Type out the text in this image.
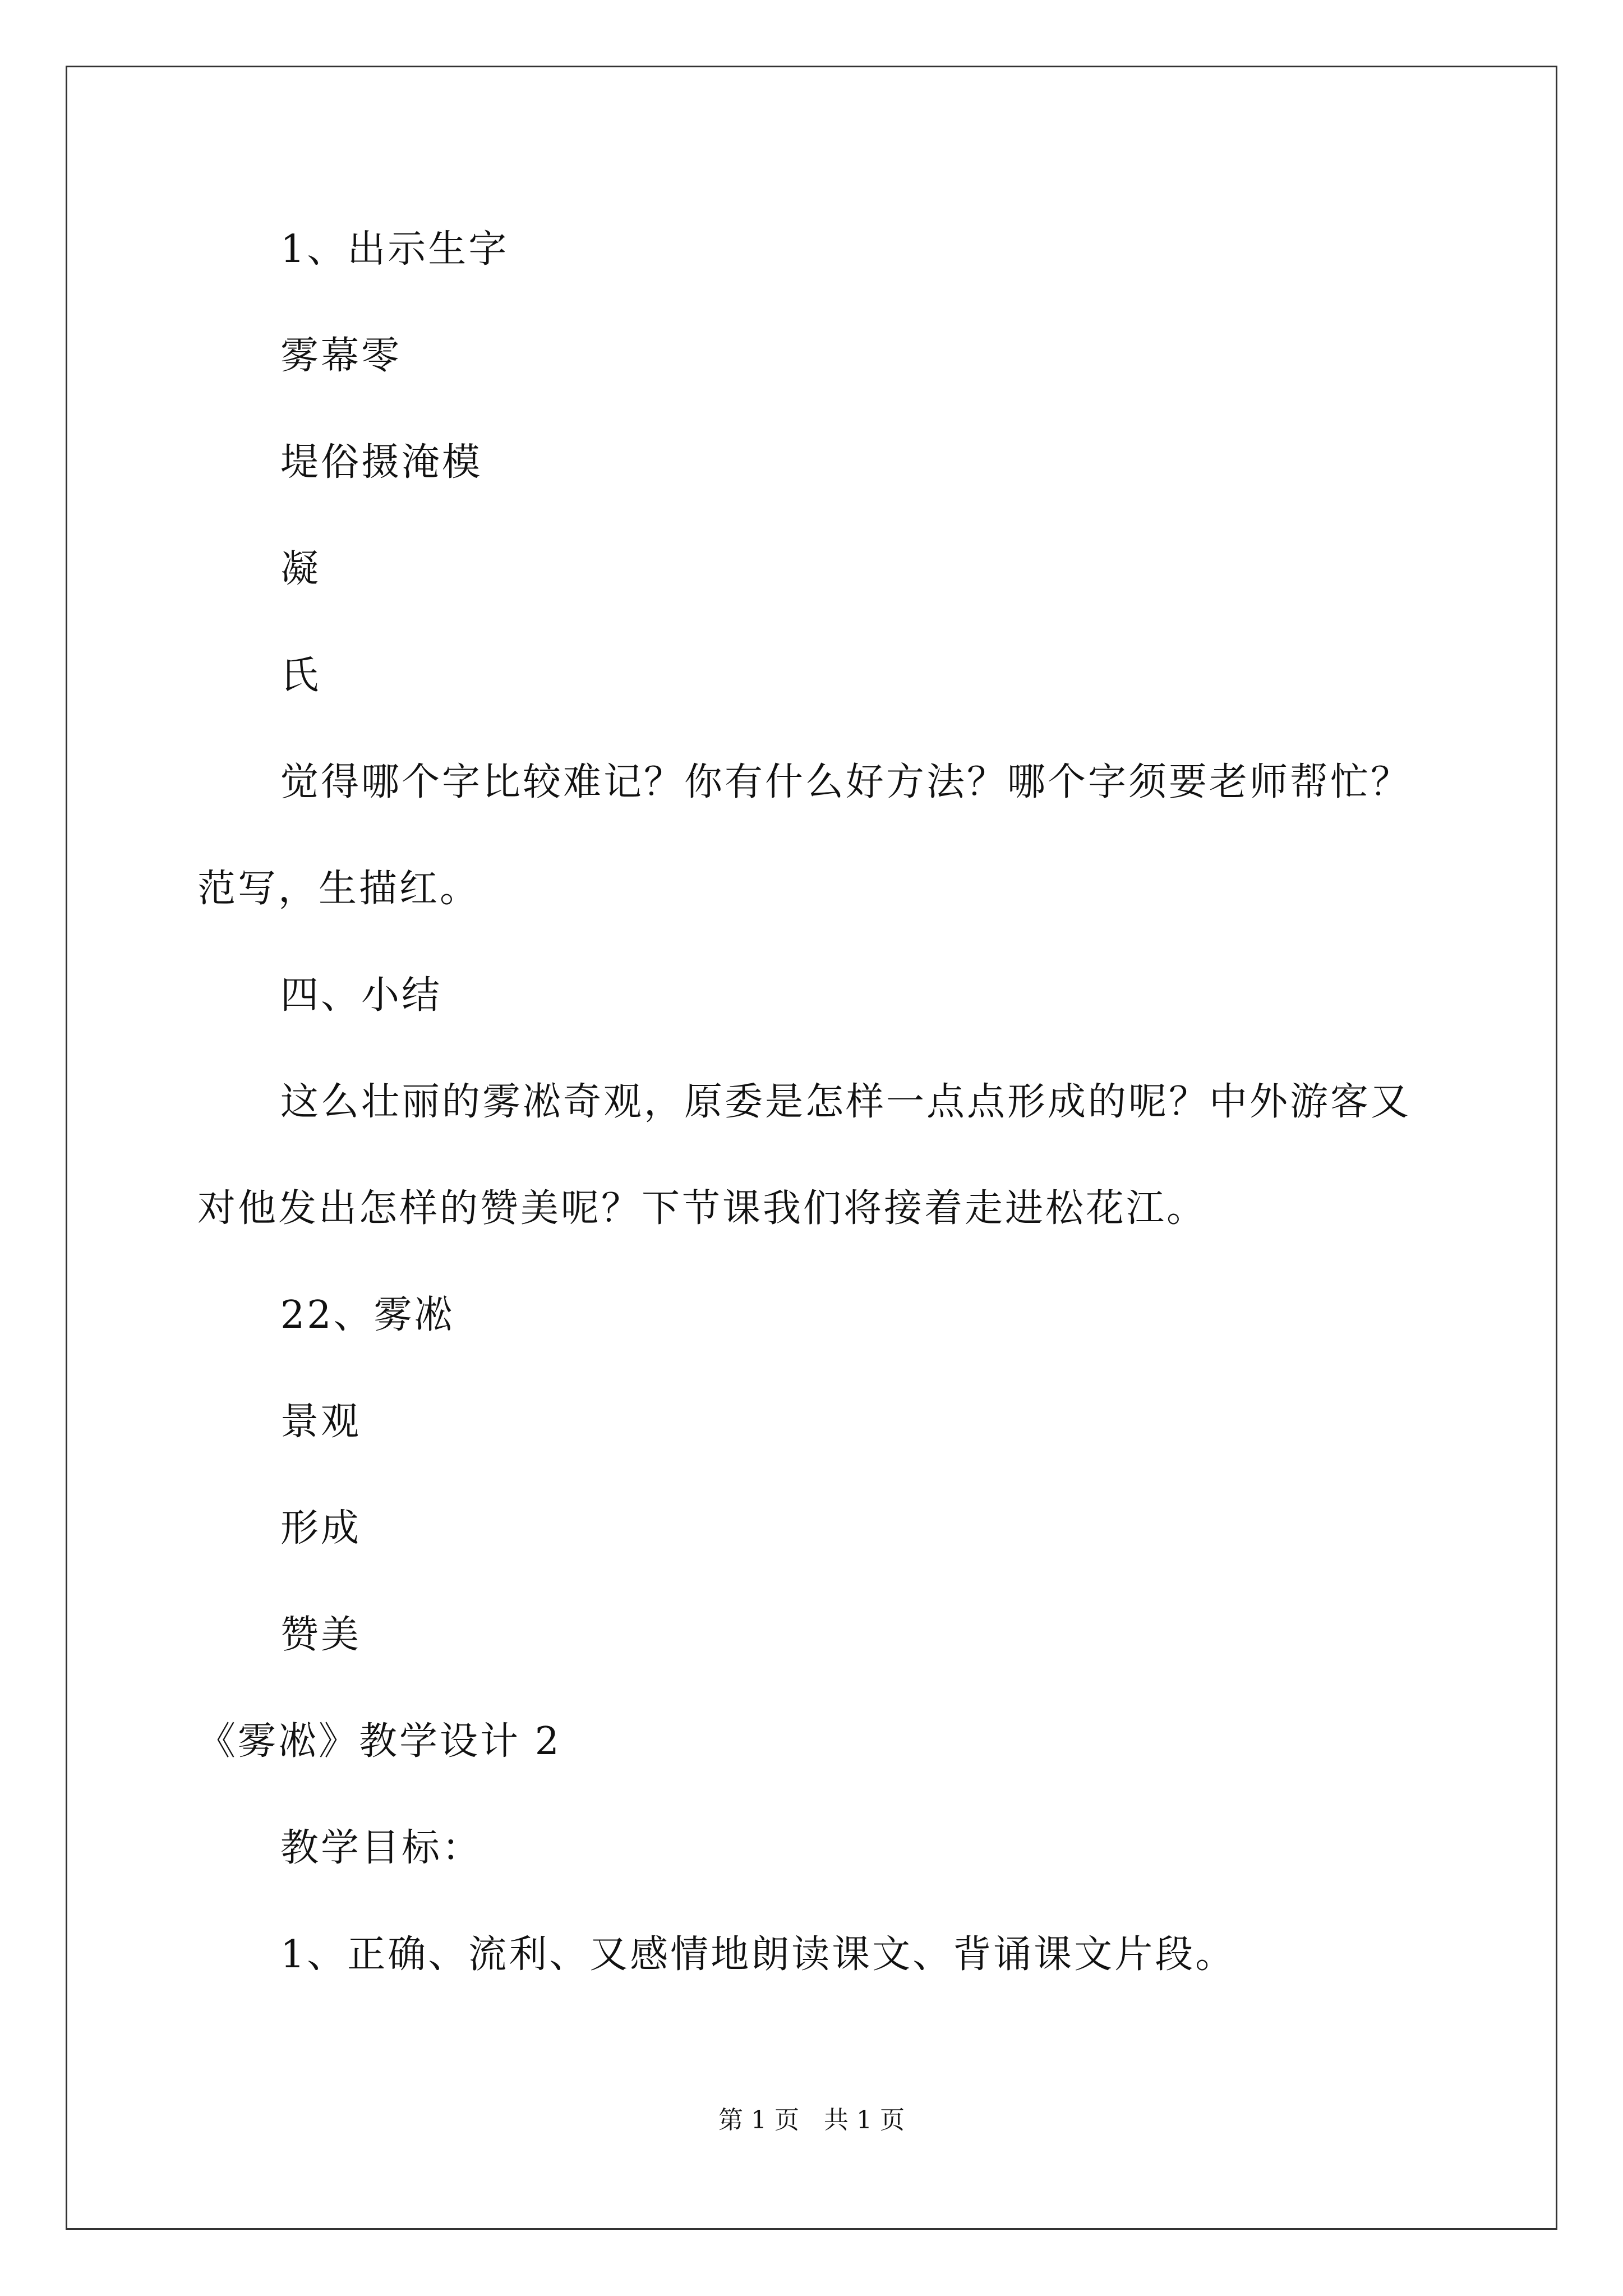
1、出示生字
雾幕零
堤俗摄淹模
凝
氏
觉得哪个字比较难记？你有什么好方法？哪个字须要老师帮忙？
范写，生描红。
四、小结
这么壮丽的雾凇奇观，原委是怎样一点点形成的呢？中外游客又
对他发出怎样的赞美呢？下节课我们将接着走进松花江。
22、雾凇
景观
形成
赞美
《雾凇》教学设计 2
教学目标：
1、正确、流利、又感情地朗读课文、背诵课文片段。
第 1 页　共 1 页
